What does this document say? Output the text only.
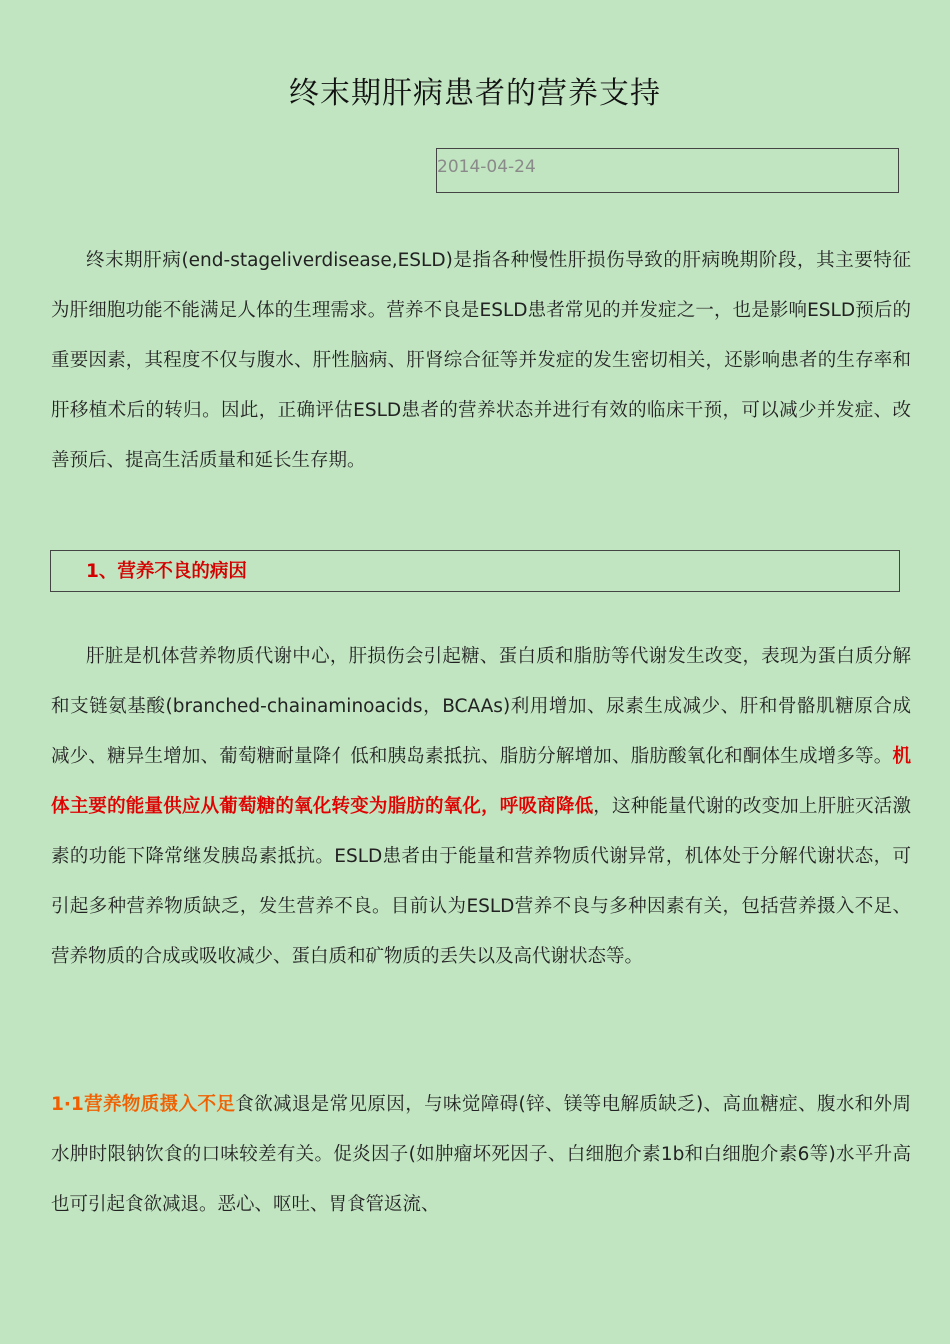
终末期肝病患者的营养支持
2014-04-24

终末期肝病(end-stageliverdisease,ESLD)是指各种慢性肝损伤导致的肝病晚期阶段，其主要特征为肝细胞功能不能满足人体的生理需求。营养不良是ESLD患者常见的并发症之一，也是影响ESLD预后的重要因素，其程度不仅与腹水、肝性脑病、肝肾综合征等并发症的发生密切相关，还影响患者的生存率和肝移植术后的转归。因此，正确评估ESLD患者的营养状态并进行有效的临床干预，可以减少并发症、改善预后、提高生活质量和延长生存期。

1、营养不良的病因

肝脏是机体营养物质代谢中心，肝损伤会引起糖、蛋白质和脂肪等代谢发生改变，表现为蛋白质分解和支链氨基酸(branched-chainaminoacids，BCAAs)利用增加、尿素生成减少、肝和骨骼肌糖原合成减少、糖异生增加、葡萄糖耐量降亻低和胰岛素抵抗、脂肪分解增加、脂肪酸氧化和酮体生成增多等。机体主要的能量供应从葡萄糖的氧化转变为脂肪的氧化，呼吸商降低，这种能量代谢的改变加上肝脏灭活激素的功能下降常继发胰岛素抵抗。ESLD患者由于能量和营养物质代谢异常，机体处于分解代谢状态，可引起多种营养物质缺乏，发生营养不良。目前认为ESLD营养不良与多种因素有关，包括营养摄入不足、营养物质的合成或吸收减少、蛋白质和矿物质的丢失以及高代谢状态等。

1·1营养物质摄入不足食欲减退是常见原因，与味觉障碍(锌、镁等电解质缺乏)、高血糖症、腹水和外周水肿时限钠饮食的口味较差有关。促炎因子(如肿瘤坏死因子、白细胞介素1b和白细胞介素6等)水平升高也可引起食欲减退。恶心、呕吐、胃食管返流、
